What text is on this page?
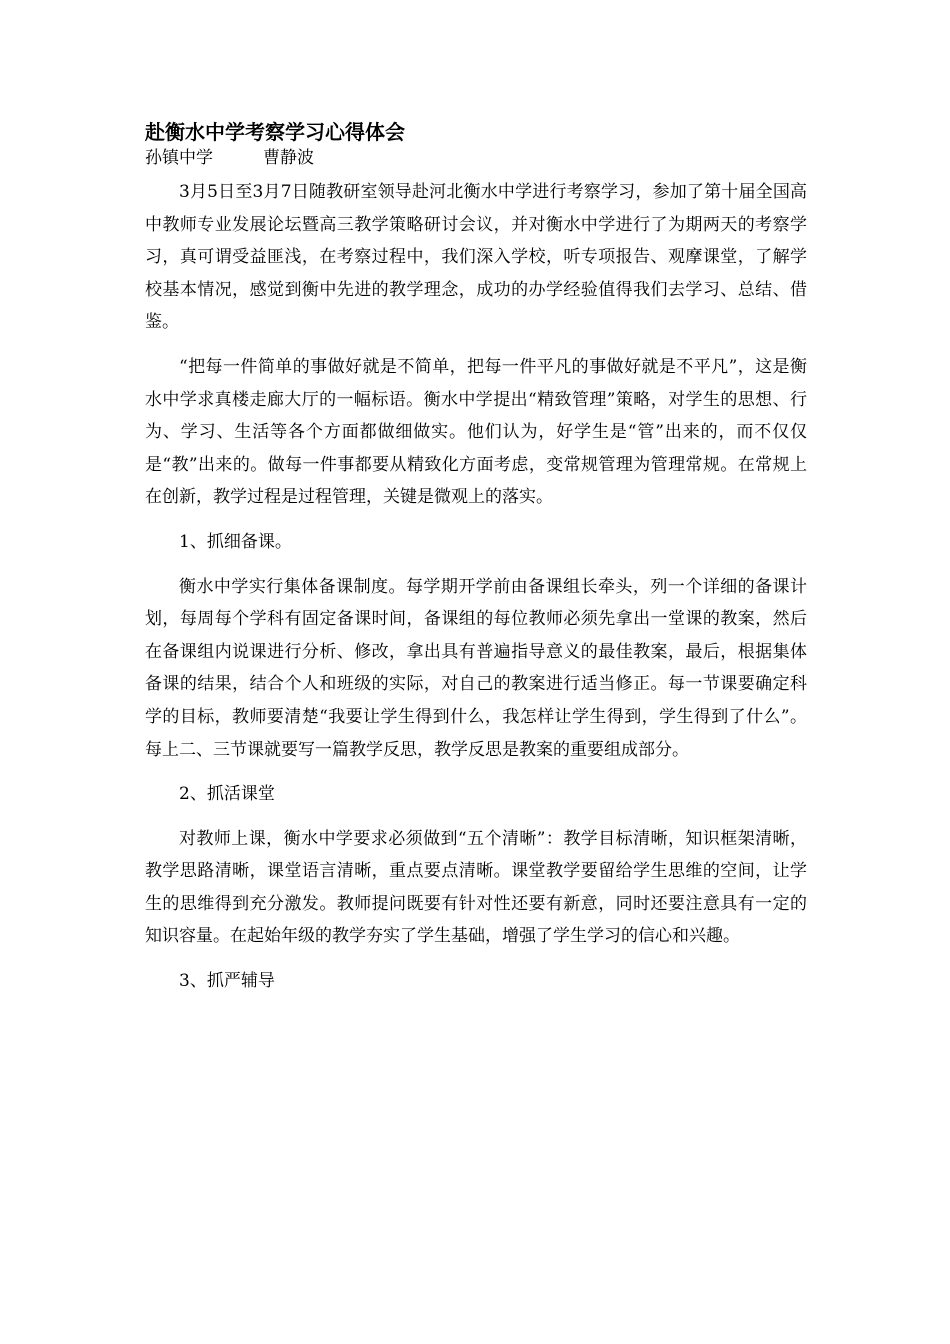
赴衡水中学考察学习心得体会
孙镇中学	曹静波

3月5日至3月7日随教研室领导赴河北衡水中学进行考察学习，参加了第十届全国高中教师专业发展论坛暨高三教学策略研讨会议，并对衡水中学进行了为期两天的考察学习，真可谓受益匪浅，在考察过程中，我们深入学校，听专项报告、观摩课堂，了解学校基本情况，感觉到衡中先进的教学理念，成功的办学经验值得我们去学习、总结、借鉴。

“把每一件简单的事做好就是不简单，把每一件平凡的事做好就是不平凡”，这是衡水中学求真楼走廊大厅的一幅标语。衡水中学提出“精致管理”策略，对学生的思想、行为、学习、生活等各个方面都做细做实。他们认为，好学生是“管”出来的，而不仅仅是“教”出来的。做每一件事都要从精致化方面考虑，变常规管理为管理常规。在常规上在创新，教学过程是过程管理，关键是微观上的落实。

1、抓细备课。

衡水中学实行集体备课制度。每学期开学前由备课组长牵头，列一个详细的备课计划，每周每个学科有固定备课时间，备课组的每位教师必须先拿出一堂课的教案，然后在备课组内说课进行分析、修改，拿出具有普遍指导意义的最佳教案，最后，根据集体备课的结果，结合个人和班级的实际，对自己的教案进行适当修正。每一节课要确定科学的目标，教师要清楚“我要让学生得到什么，我怎样让学生得到，学生得到了什么”。每上二、三节课就要写一篇教学反思，教学反思是教案的重要组成部分。

2、抓活课堂

对教师上课，衡水中学要求必须做到“五个清晰”：教学目标清晰，知识框架清晰，教学思路清晰，课堂语言清晰，重点要点清晰。课堂教学要留给学生思维的空间，让学生的思维得到充分激发。教师提问既要有针对性还要有新意，同时还要注意具有一定的知识容量。在起始年级的教学夯实了学生基础，增强了学生学习的信心和兴趣。

3、抓严辅导
